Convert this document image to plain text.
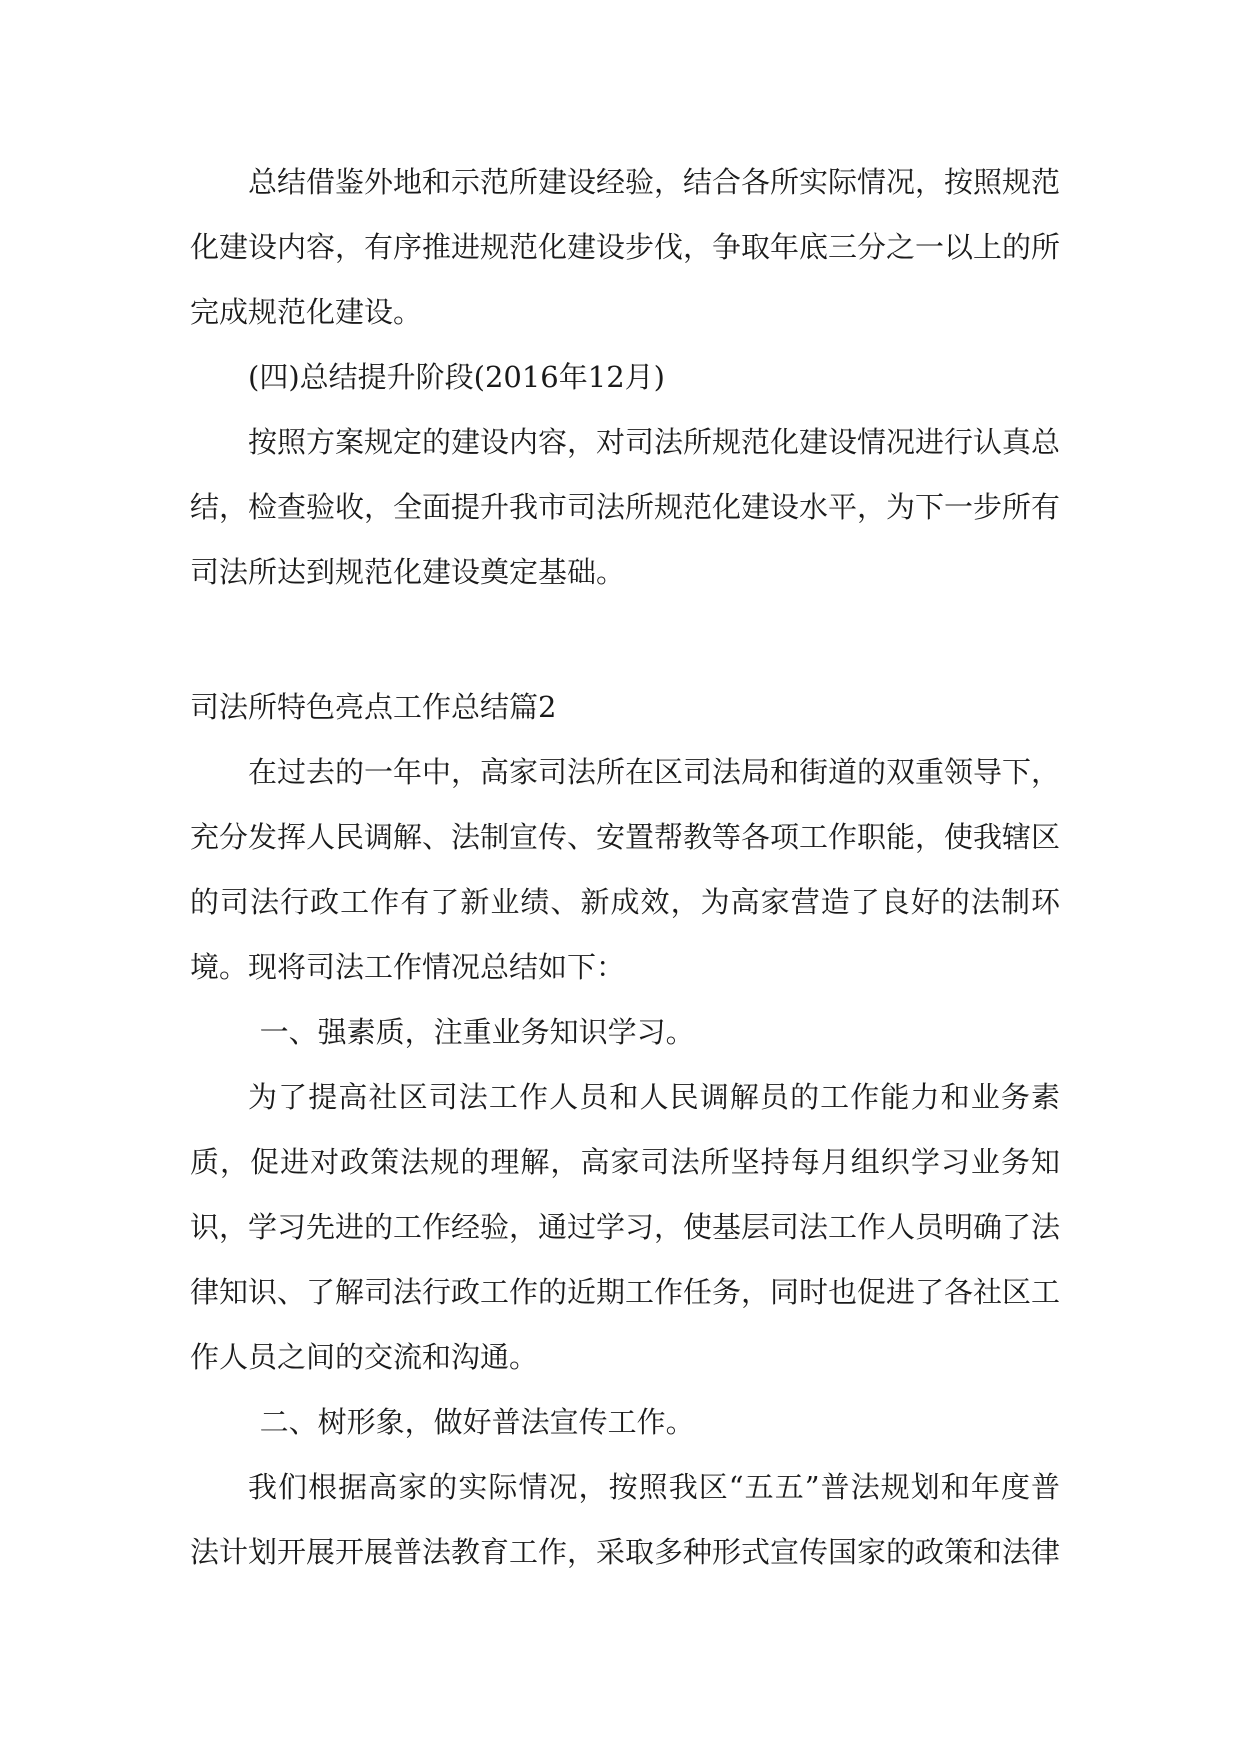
总结借鉴外地和示范所建设经验，结合各所实际情况，按照规范化建设内容，有序推进规范化建设步伐，争取年底三分之一以上的所完成规范化建设。

(四)总结提升阶段(2016年12月)

按照方案规定的建设内容，对司法所规范化建设情况进行认真总结，检查验收，全面提升我市司法所规范化建设水平，为下一步所有司法所达到规范化建设奠定基础。

司法所特色亮点工作总结篇2

在过去的一年中，高家司法所在区司法局和街道的双重领导下，充分发挥人民调解、法制宣传、安置帮教等各项工作职能，使我辖区的司法行政工作有了新业绩、新成效，为高家营造了良好的法制环境。现将司法工作情况总结如下：

一、强素质，注重业务知识学习。

为了提高社区司法工作人员和人民调解员的工作能力和业务素质，促进对政策法规的理解，高家司法所坚持每月组织学习业务知识，学习先进的工作经验，通过学习，使基层司法工作人员明确了法律知识、了解司法行政工作的近期工作任务，同时也促进了各社区工作人员之间的交流和沟通。

二、树形象，做好普法宣传工作。

我们根据高家的实际情况，按照我区“五五”普法规划和年度普法计划开展开展普法教育工作，采取多种形式宣传国家的政策和法律
